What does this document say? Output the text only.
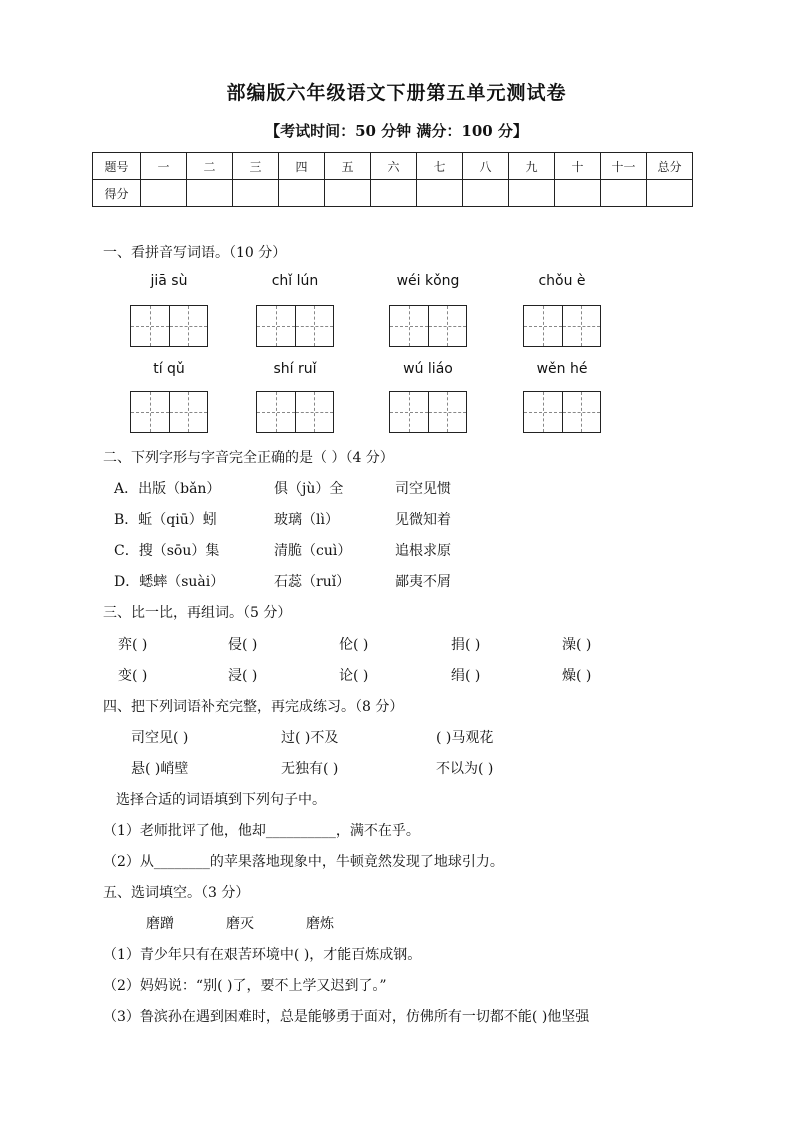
部编版六年级语文下册第五单元测试卷
【考试时间：50 分钟 满分：100 分】
题号	一	二	三	四	五	六	七	八	九	十	十一	总分
得分												
一、看拼音写词语。（10 分）
jiā sù	chǐ lún	wéi kǒng	chǒu è
tí qǔ	shí ruǐ	wú liáo	wěn hé
二、下列字形与字音完全正确的是（ ）（4 分）
A．出版（bǎn）	俱（jù）全	司空见惯
B．蚯（qiū）蚓	玻璃（lì）	见微知着
C．搜（sōu）集	清脆（cuì）	追根求原
D．蟋蟀（suài）	石蕊（ruǐ）	鄙夷不屑
三、比一比，再组词。（5 分）
弈( )	侵( )	伦( )	捐( )	澡( )
变( )	浸( )	论( )	绢( )	燥( )
四、把下列词语补充完整，再完成练习。（8 分）
司空见( )	过( )不及	( )马观花
悬( )峭壁	无独有( )	不以为( )
选择合适的词语填到下列句子中。
（1）老师批评了他，他却__________，满不在乎。
（2）从________的苹果落地现象中，牛顿竟然发现了地球引力。
五、选词填空。（3 分）
磨蹭	磨灭	磨炼
（1）青少年只有在艰苦环境中( )，才能百炼成钢。
（2）妈妈说：“别( )了，要不上学又迟到了。”
（3）鲁滨孙在遇到困难时，总是能够勇于面对，仿佛所有一切都不能( )他坚强
